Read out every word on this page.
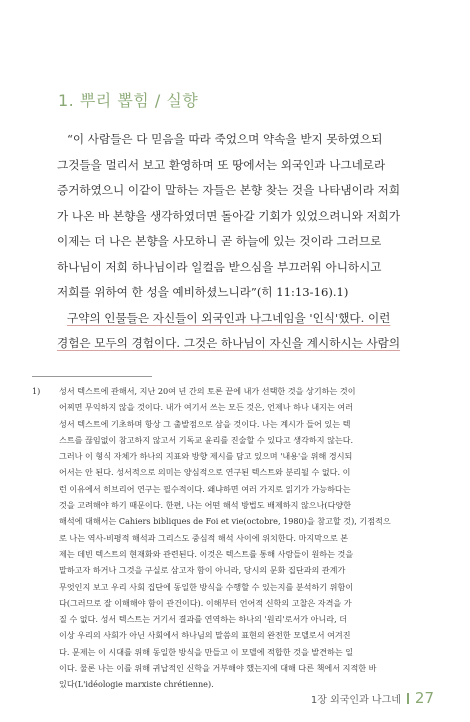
1. 뿌리 뽑힘 / 실향
“이 사람들은 다 믿음을 따라 죽었으며 약속을 받지 못하였으되
그것들을 멀리서 보고 환영하며 또 땅에서는 외국인과 나그네로라
증거하였으니 이같이 말하는 자들은 본향 찾는 것을 나타냄이라 저희
가 나온 바 본향을 생각하였더면 돌아갈 기회가 있었으려니와 저희가
이제는 더 나은 본향을 사모하니 곧 하늘에 있는 것이라 그러므로
하나님이 저희 하나님이라 일컬음 받으심을 부끄러워 아니하시고
저희를 위하여 한 성을 예비하셨느니라”(히 11:13-16).1)
구약의 인물들은 자신들이 외국인과 나그네임을 '인식'했다. 이런
경험은 모두의 경험이다. 그것은 하나님이 자신을 계시하시는 사람의
1) 성서 텍스트에 관해서, 지난 20여 년 간의 토론 끝에 내가 선택한 것을 상기하는 것이
어찌면 무익하지 않을 것이다. 내가 여기서 쓰는 모든 것은, 언제나 하나 내지는 여러
성서 텍스트에 기초하며 항상 그 출발점으로 삼을 것이다. 나는 계시가 들어 있는 텍
스트를 끊임없이 참고하지 않고서 기독교 윤리를 진술할 수 있다고 생각하지 않는다.
그러나 이 형식 자체가 하나의 지표와 방향 제시를 담고 있으며 '내용'을 위해 경시되
어서는 안 된다. 성서적으로 의미는 양심적으로 연구된 텍스트와 분리될 수 없다. 이
런 이유에서 히브리어 연구는 필수적이다. 왜냐하면 여러 가지로 읽기가 가능하다는
것을 고려해야 하기 때문이다. 한편, 나는 어떤 해석 방법도 배제하지 않으나(다양한
해석에 대해서는 Cahiers bibliques de Foi et vie(octobre, 1980)을 참고할 것), 기점적으
로 나는 역사-비평적 해석과 그리스도 중심적 해석 사이에 위치한다. 마지막으로 본
제는 데빈 텍스트의 현재화와 관련된다. 이것은 텍스트를 통해 사람들이 원하는 것을
말하고자 하거나 그것을 구실로 삼고자 함이 아니라, 당시의 문화 집단과의 관계가
무엇인지 보고 우리 사회 집단에 동일한 방식을 수행할 수 있는지를 분석하기 위함이
다(그러므로 잘 이해해야 함이 관건이다). 이해부터 언어적 신학의 고찰은 자격을 가
질 수 없다. 성서 텍스트는 거기서 결과를 연역하는 하나의 '원리'로서가 아니라, 더
이상 우리의 사회가 아닌 사회에서 하나님의 말씀의 표현의 완전한 모델로서 여겨진
다. 문제는 이 시대를 위해 동일한 방식을 만들고 이 모델에 적합한 것을 발견하는 일
이다. 물론 나는 이를 위해 귀납적인 신학을 거부해야 했는지에 대해 다른 책에서 지적한 바
있다(L'idéologie marxiste chrétienne).
1장 외국인과 나그네 27
